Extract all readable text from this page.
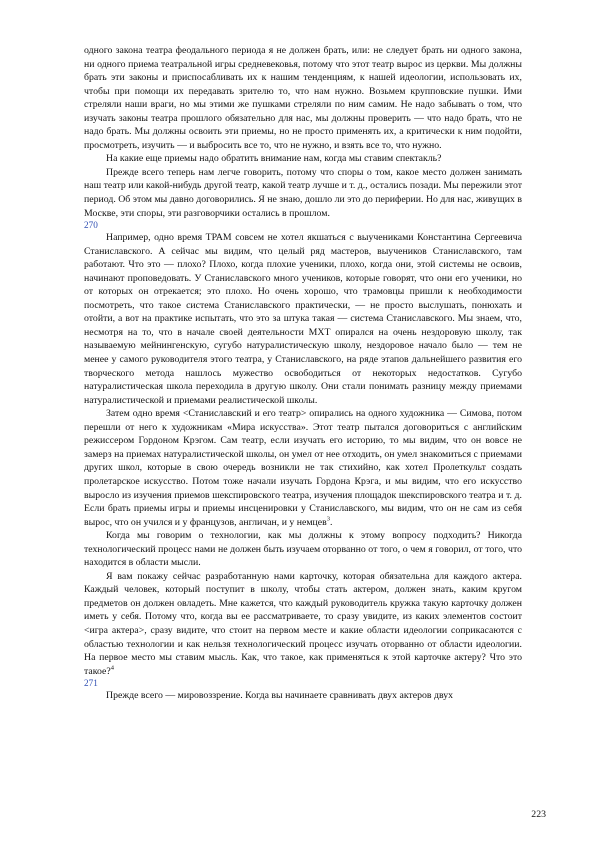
одного закона театра феодального периода я не должен брать, или: не следует брать ни одного закона, ни одного приема театральной игры средневековья, потому что этот театр вырос из церкви. Мы должны брать эти законы и приспосабливать их к нашим тенденциям, к нашей идеологии, использовать их, чтобы при помощи их передавать зрителю то, что нам нужно. Возьмем крупповские пушки. Ими стреляли наши враги, но мы этими же пушками стреляли по ним самим. Не надо забывать о том, что изучать законы театра прошлого обязательно для нас, мы должны проверить — что надо брать, что не надо брать. Мы должны освоить эти приемы, но не просто применять их, а критически к ним подойти, просмотреть, изучить — и выбросить все то, что не нужно, и взять все то, что нужно.

На какие еще приемы надо обратить внимание нам, когда мы ставим спектакль?

Прежде всего теперь нам легче говорить, потому что споры о том, какое место должен занимать наш театр или какой-нибудь другой театр, какой театр лучше и т. д., остались позади. Мы пережили этот период. Об этом мы давно договорились. Я не знаю, дошло ли это до периферии. Но для нас, живущих в Москве, эти споры, эти разговорчики остались в прошлом.

270

Например, одно время ТРАМ совсем не хотел якшаться с выучениками Константина Сергеевича Станиславского. А сейчас мы видим, что целый ряд мастеров, выучеников Станиславского, там работают. Что это — плохо? Плохо, когда плохие ученики, плохо, когда они, этой системы не освоив, начинают проповедовать. У Станиславского много учеников, которые говорят, что они его ученики, но от которых он отрекается; это плохо. Но очень хорошо, что трамовцы пришли к необходимости посмотреть, что такое система Станиславского практически, — не просто выслушать, понюхать и отойти, а вот на практике испытать, что это за штука такая — система Станиславского. Мы знаем, что, несмотря на то, что в начале своей деятельности МХТ опирался на очень нездоровую школу, так называемую мейнингенскую, сугубо натуралистическую школу, нездоровое начало было — тем не менее у самого руководителя этого театра, у Станиславского, на ряде этапов дальнейшего развития его творческого метода нашлось мужество освободиться от некоторых недостатков. Сугубо натуралистическая школа переходила в другую школу. Они стали понимать разницу между приемами натуралистической и приемами реалистической школы.

Затем одно время <Станиславский и его театр> опирались на одного художника — Симова, потом перешли от него к художникам «Мира искусства». Этот театр пытался договориться с английским режиссером Гордоном Крэгом. Сам театр, если изучать его историю, то мы видим, что он вовсе не замерз на приемах натуралистической школы, он умел от нее отходить, он умел знакомиться с приемами других школ, которые в свою очередь возникли не так стихийно, как хотел Пролеткульт создать пролетарское искусство. Потом тоже начали изучать Гордона Крэга, и мы видим, что его искусство выросло из изучения приемов шекспировского театра, изучения площадок шекспировского театра и т. д. Если брать приемы игры и приемы инсценировки у Станиславского, мы видим, что он не сам из себя вырос, что он учился и у французов, англичан, и у немцев$^3$.

Когда мы говорим о технологии, как мы должны к этому вопросу подходить? Никогда технологический процесс нами не должен быть изучаем оторванно от того, о чем я говорил, от того, что находится в области мысли.

Я вам покажу сейчас разработанную нами карточку, которая обязательна для каждого актера. Каждый человек, который поступит в школу, чтобы стать актером, должен знать, каким кругом предметов он должен овладеть. Мне кажется, что каждый руководитель кружка такую карточку должен иметь у себя. Потому что, когда вы ее рассматриваете, то сразу увидите, из каких элементов состоит <игра актера>, сразу видите, что стоит на первом месте и какие области идеологии соприкасаются с областью технологии и как нельзя технологический процесс изучать оторванно от области идеологии. На первое место мы ставим мысль. Как, что такое, как применяться к этой карточке актеру? Что это такое?$^4$

271

Прежде всего — мировоззрение. Когда вы начинаете сравнивать двух актеров двух

223
